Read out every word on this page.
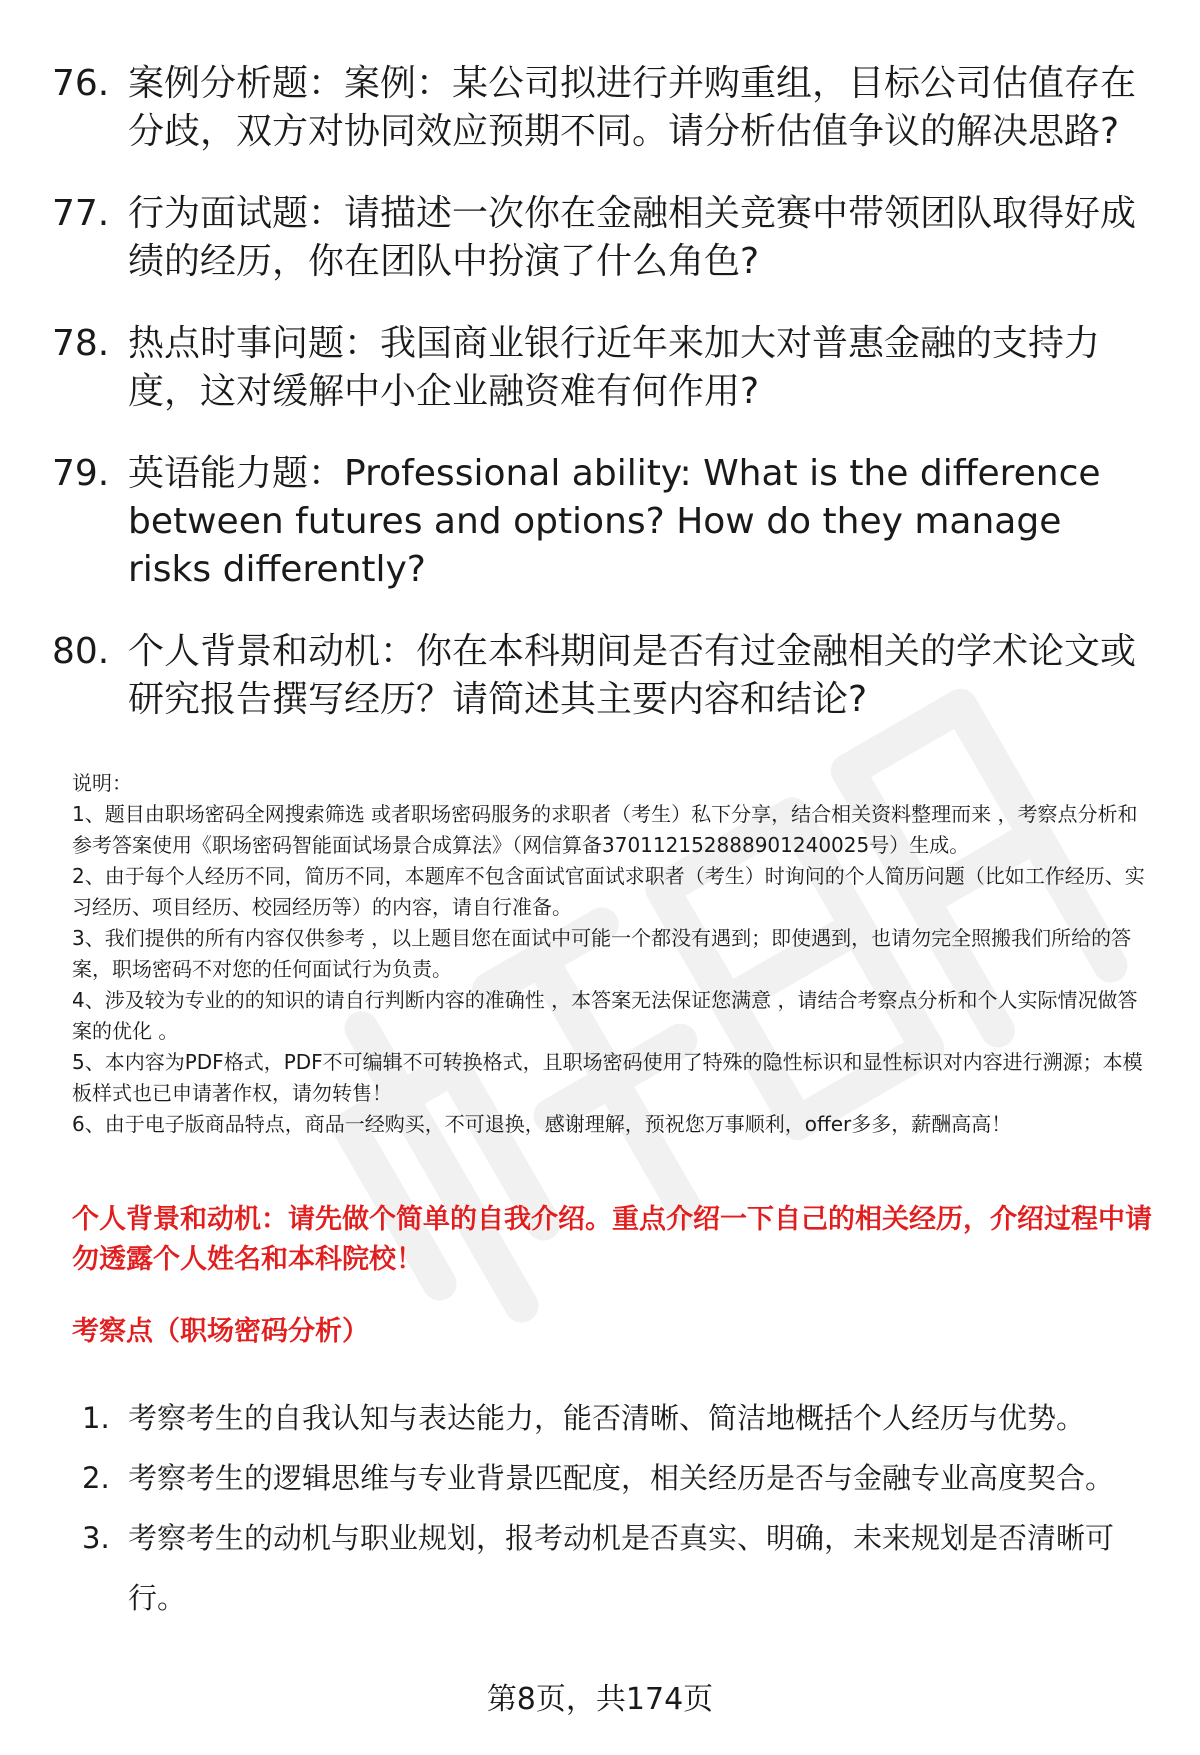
76. 案例分析题：案例：某公司拟进行并购重组，目标公司估值存在分歧，双方对协同效应预期不同。请分析估值争议的解决思路?
77. 行为面试题：请描述一次你在金融相关竞赛中带领团队取得好成绩的经历，你在团队中扮演了什么角色?
78. 热点时事问题：我国商业银行近年来加大对普惠金融的支持力度，这对缓解中小企业融资难有何作用?
79. 英语能力题：Professional ability: What is the difference between futures and options? How do they manage risks differently?
80. 个人背景和动机：你在本科期间是否有过金融相关的学术论文或研究报告撰写经历？请简述其主要内容和结论?

说明：

1、题目由职场密码全网搜索筛选 或者职场密码服务的求职者（考生）私下分享，结合相关资料整理而来 ，考察点分析和参考答案使用《职场密码智能面试场景合成算法》（网信算备370112152888901240025号）生成。

2、由于每个人经历不同，简历不同，本题库不包含面试官面试求职者（考生）时询问的个人简历问题（比如工作经历、实习经历、项目经历、校园经历等）的内容，请自行准备。

3、我们提供的所有内容仅供参考 ，以上题目您在面试中可能一个都没有遇到；即使遇到，也请勿完全照搬我们所给的答案，职场密码不对您的任何面试行为负责。

4、涉及较为专业的的知识的请自行判断内容的准确性 ，本答案无法保证您满意 ，请结合考察点分析和个人实际情况做答案的优化 。

5、本内容为PDF格式，PDF不可编辑不可转换格式，且职场密码使用了特殊的隐性标识和显性标识对内容进行溯源；本模板样式也已申请著作权，请勿转售！

6、由于电子版商品特点，商品一经购买，不可退换，感谢理解，预祝您万事顺利，offer多多，薪酬高高！

个人背景和动机：请先做个简单的自我介绍。重点介绍一下自己的相关经历，介绍过程中请勿透露个人姓名和本科院校！

考察点（职场密码分析）

1. 考察考生的自我认知与表达能力，能否清晰、简洁地概括个人经历与优势。
2. 考察考生的逻辑思维与专业背景匹配度，相关经历是否与金融专业高度契合。
3. 考察考生的动机与职业规划，报考动机是否真实、明确，未来规划是否清晰可行。
第8页，共174页
